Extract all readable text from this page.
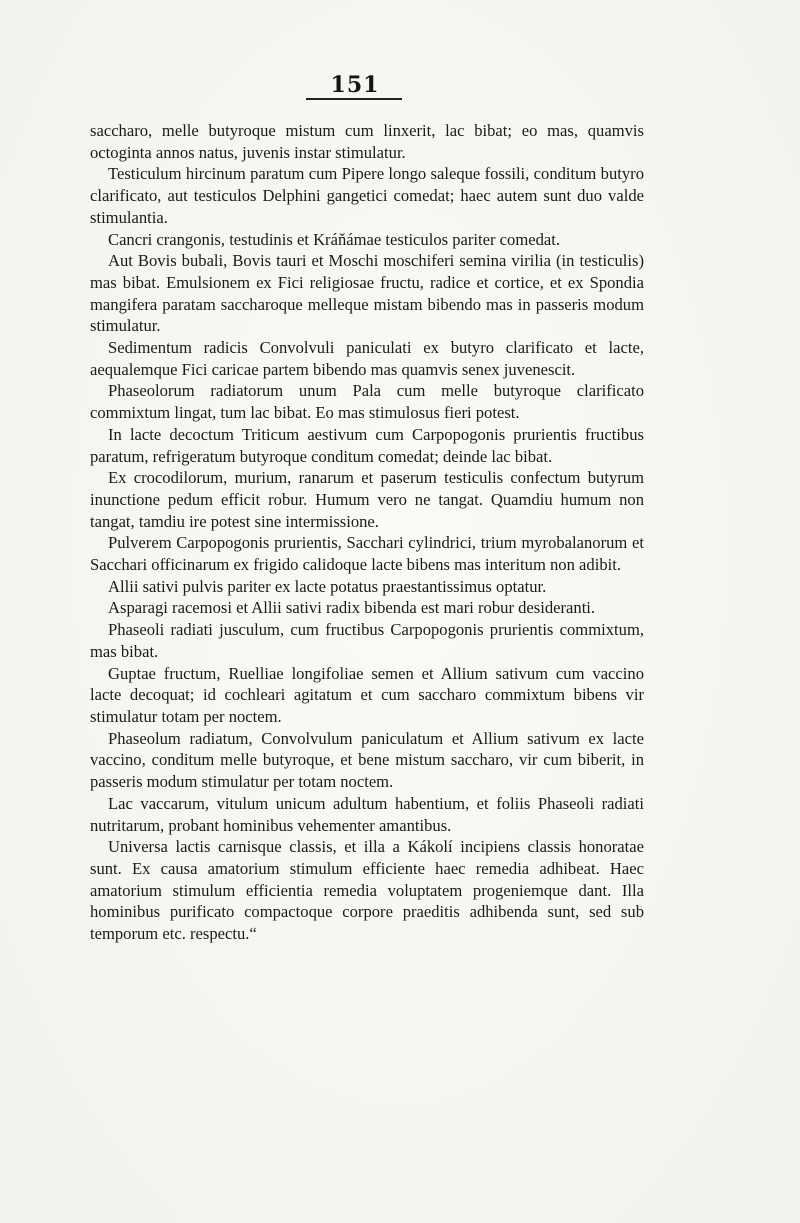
151

saccharo, melle butyroque mistum cum linxerit, lac bibat; eo mas, quamvis octoginta annos natus, juvenis instar stimulatur.

Testiculum hircinum paratum cum Pipere longo saleque fossili, conditum butyro clarificato, aut testiculos Delphini gangetici comedat; haec autem sunt duo valde stimulantia.

Cancri crangonis, testudinis et Kráňámae testiculos pariter comedat.

Aut Bovis bubali, Bovis tauri et Moschi moschiferi semina virilia (in testiculis) mas bibat. Emulsionem ex Fici religiosae fructu, radice et cortice, et ex Spondia mangifera paratam saccharoque melleque mistam bibendo mas in passeris modum stimulatur.

Sedimentum radicis Convolvuli paniculati ex butyro clarificato et lacte, aequalemque Fici caricae partem bibendo mas quamvis senex juvenescit.

Phaseolorum radiatorum unum Pala cum melle butyroque clarificato commixtum lingat, tum lac bibat. Eo mas stimulosus fieri potest.

In lacte decoctum Triticum aestivum cum Carpopogonis prurientis fructibus paratum, refrigeratum butyroque conditum comedat; deinde lac bibat.

Ex crocodilorum, murium, ranarum et paserum testiculis confectum butyrum inunctione pedum efficit robur. Humum vero ne tangat. Quamdiu humum non tangat, tamdiu ire potest sine intermissione.

Pulverem Carpopogonis prurientis, Sacchari cylindrici, trium myrobalanorum et Sacchari officinarum ex frigido calidoque lacte bibens mas interitum non adibit.

Allii sativi pulvis pariter ex lacte potatus praestantissimus optatur.

Asparagi racemosi et Allii sativi radix bibenda est mari robur desideranti.

Phaseoli radiati jusculum, cum fructibus Carpopogonis prurientis commixtum, mas bibat.

Guptae fructum, Ruelliae longifoliae semen et Allium sativum cum vaccino lacte decoquat; id cochleari agitatum et cum saccharo commixtum bibens vir stimulatur totam per noctem.

Phaseolum radiatum, Convolvulum paniculatum et Allium sativum ex lacte vaccino, conditum melle butyroque, et bene mistum saccharo, vir cum biberit, in passeris modum stimulatur per totam noctem.

Lac vaccarum, vitulum unicum adultum habentium, et foliis Phaseoli radiati nutritarum, probant hominibus vehementer amantibus.

Universa lactis carnisque classis, et illa a Kákolí incipiens classis honoratae sunt. Ex causa amatorium stimulum efficiente haec remedia adhibeat. Haec amatorium stimulum efficientia remedia voluptatem progeniemque dant. Illa hominibus purificato compactoque corpore praeditis adhibenda sunt, sed sub temporum etc. respectu.“
